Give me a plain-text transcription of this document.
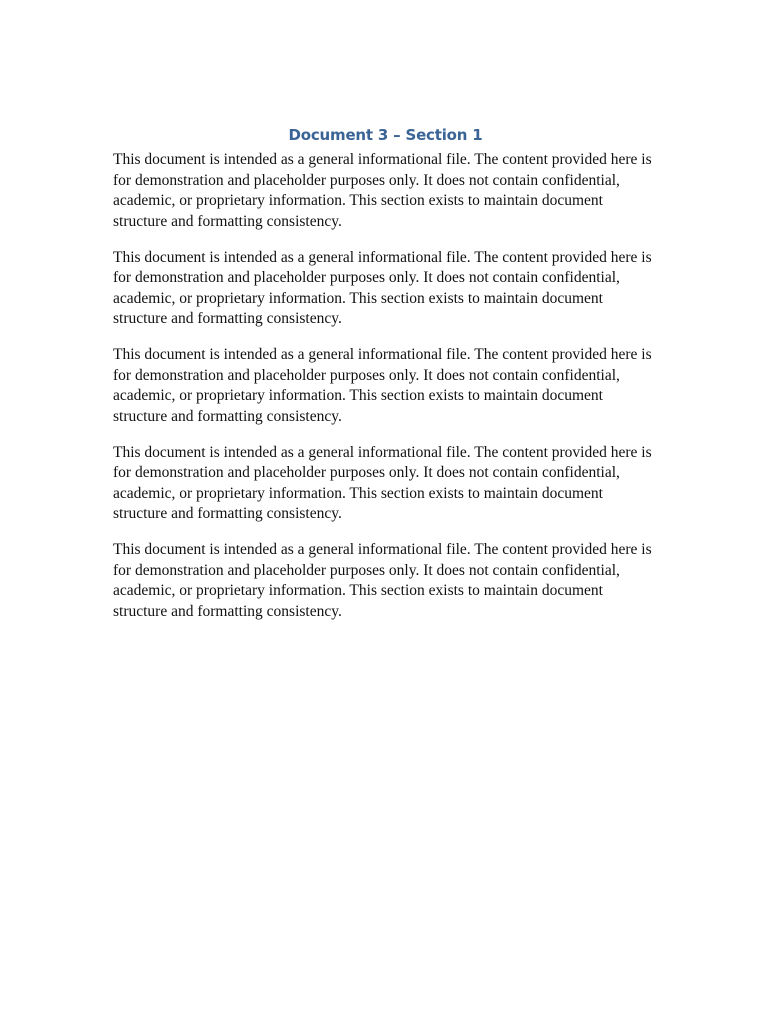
Document 3 – Section 1

This document is intended as a general informational file. The content provided here is for demonstration and placeholder purposes only. It does not contain confidential, academic, or proprietary information. This section exists to maintain document structure and formatting consistency.

This document is intended as a general informational file. The content provided here is for demonstration and placeholder purposes only. It does not contain confidential, academic, or proprietary information. This section exists to maintain document structure and formatting consistency.

This document is intended as a general informational file. The content provided here is for demonstration and placeholder purposes only. It does not contain confidential, academic, or proprietary information. This section exists to maintain document structure and formatting consistency.

This document is intended as a general informational file. The content provided here is for demonstration and placeholder purposes only. It does not contain confidential, academic, or proprietary information. This section exists to maintain document structure and formatting consistency.

This document is intended as a general informational file. The content provided here is for demonstration and placeholder purposes only. It does not contain confidential, academic, or proprietary information. This section exists to maintain document structure and formatting consistency.
